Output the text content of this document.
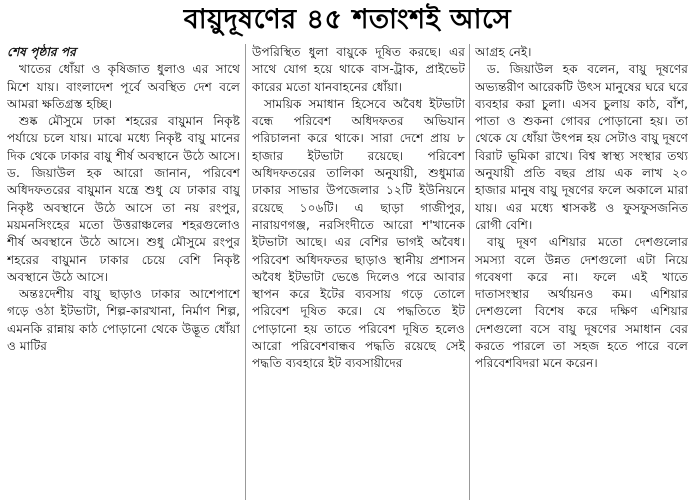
বায়ুদূষণের ৪৫ শতাংশই আসে

শেষ পৃষ্ঠার পর

খাতের ধোঁয়া ও কৃষিজাত ধুলাও এর সাথে মিশে যায়। বাংলাদেশ পূর্বে অবস্থিত দেশ বলে আমরা ক্ষতিগ্রস্ত হচ্ছি।

শুষ্ক মৌসুমে ঢাকা শহরের বায়ুমান নিকৃষ্ট পর্যায়ে চলে যায়। মাঝে মধ্যে নিকৃষ্ট বায়ু মানের দিক থেকে ঢাকার বায়ু শীর্ষ অবস্থানে উঠে আসে। ড. জিয়াউল হক আরো জানান, পরিবেশ অধিদফতরের বায়ুমান যন্ত্রে শুধু যে ঢাকার বায়ু নিকৃষ্ট অবস্থানে উঠে আসে তা নয় রংপুর, ময়মনসিংহের মতো উত্তরাঞ্চলের শহরগুলোও শীর্ষ অবস্থানে উঠে আসে। শুধু মৌসুমে রংপুর শহরের বায়ুমান ঢাকার চেয়ে বেশি নিকৃষ্ট অবস্থানে উঠে আসে।

অন্তঃদেশীয় বায়ু ছাড়াও ঢাকার আশেপাশে গড়ে ওঠা ইটভাটা, শিল্প-কারখানা, নির্মাণ শিল্প, এমনকি রান্নায় কাঠ পোড়ানো থেকে উদ্ভূত ধোঁয়া ও মাটির

উপরিস্থিত ধুলা বায়ুকে দূষিত করছে। এর সাথে যোগ হয়ে থাকে বাস-ট্রাক, প্রাইভেট কারের মতো যানবাহনের ধোঁয়া।

সাময়িক সমাধান হিসেবে অবৈধ ইটভাটা বন্ধে পরিবেশ অধিদফতর অভিযান পরিচালনা করে থাকে। সারা দেশে প্রায় ৮ হাজার ইটভাটা রয়েছে। পরিবেশ অধিদফতরের তালিকা অনুযায়ী, শুধুমাত্র ঢাকার সাভার উপজেলার ১২টি ইউনিয়নে রয়েছে ১০৬টি। এ ছাড়া গাজীপুর, নারায়ণগঞ্জ, নরসিংদীতে আরো শ'খানেক ইটভাটা আছে। এর বেশির ভাগই অবৈধ। পরিবেশ অধিদফতর ছাড়াও স্থানীয় প্রশাসন অবৈধ ইটভাটা ভেঙে দিলেও পরে আবার স্থাপন করে ইটের ব্যবসায় গড়ে তোলে পরিবেশ দূষিত করে। যে পদ্ধতিতে ইট পোড়ানো হয় তাতে পরিবেশ দূষিত হলেও আরো পরিবেশবান্ধব পদ্ধতি রয়েছে সেই পদ্ধতি ব্যবহারে ইট ব্যবসায়ীদের

আগ্রহ নেই।

ড. জিয়াউল হক বলেন, বায়ু দূষণের অভ্যন্তরীণ আরেকটি উৎস মানুষের ঘরে ঘরে ব্যবহার করা চুলা। এসব চুলায় কাঠ, বাঁশ, পাতা ও শুকনা গোবর পোড়ানো হয়। তা থেকে যে ধোঁয়া উৎপন্ন হয় সেটাও বায়ু দূষণে বিরাট ভূমিকা রাখে। বিশ্ব স্বাস্থ্য সংস্থার তথ্য অনুযায়ী প্রতি বছর প্রায় এক লাখ ২০ হাজার মানুষ বায়ু দূষণের ফলে অকালে মারা যায়। এর মধ্যে শ্বাসকষ্ট ও ফুসফুসজনিত রোগী বেশি।

বায়ু দূষণ এশিয়ার মতো দেশগুলোর সমস্যা বলে উন্নত দেশগুলো এটা নিয়ে গবেষণা করে না। ফলে এই খাতে দাতাসংস্থার অর্থায়নও কম। এশিয়ার দেশগুলো বিশেষ করে দক্ষিণ এশিয়ার দেশগুলো বসে বায়ু দূষণের সমাধান বের করতে পারলে তা সহজ হতে পারে বলে পরিবেশবিদরা মনে করেন।
